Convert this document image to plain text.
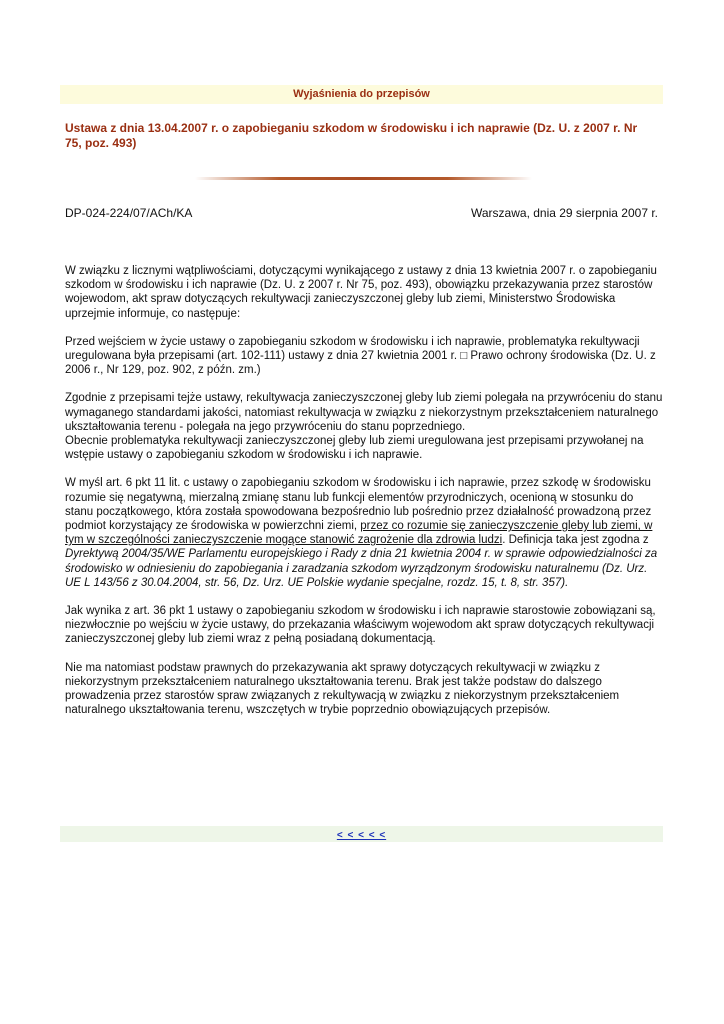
Wyjaśnienia do przepisów

Ustawa z dnia 13.04.2007 r. o zapobieganiu szkodom w środowisku i ich naprawie (Dz. U. z 2007 r. Nr 75, poz. 493)

DP-024-224/07/ACh/KA	Warszawa, dnia 29 sierpnia 2007 r.

W związku z licznymi wątpliwościami, dotyczącymi wynikającego z ustawy z dnia 13 kwietnia 2007 r. o zapobieganiu szkodom w środowisku i ich naprawie (Dz. U. z 2007 r. Nr 75, poz. 493), obowiązku przekazywania przez starostów wojewodom, akt spraw dotyczących rekultywacji zanieczyszczonej gleby lub ziemi, Ministerstwo Środowiska uprzejmie informuje, co następuje:

Przed wejściem w życie ustawy o zapobieganiu szkodom w środowisku i ich naprawie, problematyka rekultywacji uregulowana była przepisami (art. 102-111) ustawy z dnia 27 kwietnia 2001 r. □ Prawo ochrony środowiska (Dz. U. z 2006 r., Nr 129, poz. 902, z późn. zm.)

Zgodnie z przepisami tejże ustawy, rekultywacja zanieczyszczonej gleby lub ziemi polegała na przywróceniu do stanu wymaganego standardami jakości, natomiast rekultywacja w związku z niekorzystnym przekształceniem naturalnego ukształtowania terenu - polegała na jego przywróceniu do stanu poprzedniego.

Obecnie problematyka rekultywacji zanieczyszczonej gleby lub ziemi uregulowana jest przepisami przywołanej na wstępie ustawy o zapobieganiu szkodom w środowisku i ich naprawie.

W myśl art. 6 pkt 11 lit. c ustawy o zapobieganiu szkodom w środowisku i ich naprawie, przez szkodę w środowisku rozumie się negatywną, mierzalną zmianę stanu lub funkcji elementów przyrodniczych, ocenioną w stosunku do stanu początkowego, która została spowodowana bezpośrednio lub pośrednio przez działalność prowadzoną przez podmiot korzystający ze środowiska w powierzchni ziemi, przez co rozumie się zanieczyszczenie gleby lub ziemi, w tym w szczególności zanieczyszczenie mogące stanowić zagrożenie dla zdrowia ludzi. Definicja taka jest zgodna z Dyrektywą 2004/35/WE Parlamentu europejskiego i Rady z dnia 21 kwietnia 2004 r. w sprawie odpowiedzialności za środowisko w odniesieniu do zapobiegania i zaradzania szkodom wyrządzonym środowisku naturalnemu (Dz. Urz. UE L 143/56 z 30.04.2004, str. 56, Dz. Urz. UE Polskie wydanie specjalne, rozdz. 15, t. 8, str. 357).

Jak wynika z art. 36 pkt 1 ustawy o zapobieganiu szkodom w środowisku i ich naprawie starostowie zobowiązani są, niezwłocznie po wejściu w życie ustawy, do przekazania właściwym wojewodom akt spraw dotyczących rekultywacji zanieczyszczonej gleby lub ziemi wraz z pełną posiadaną dokumentacją.

Nie ma natomiast podstaw prawnych do przekazywania akt sprawy dotyczących rekultywacji w związku z niekorzystnym przekształceniem naturalnego ukształtowania terenu. Brak jest także podstaw do dalszego prowadzenia przez starostów spraw związanych z rekultywacją w związku z niekorzystnym przekształceniem naturalnego ukształtowania terenu, wszczętych w trybie poprzednio obowiązujących przepisów.

< < < < <
